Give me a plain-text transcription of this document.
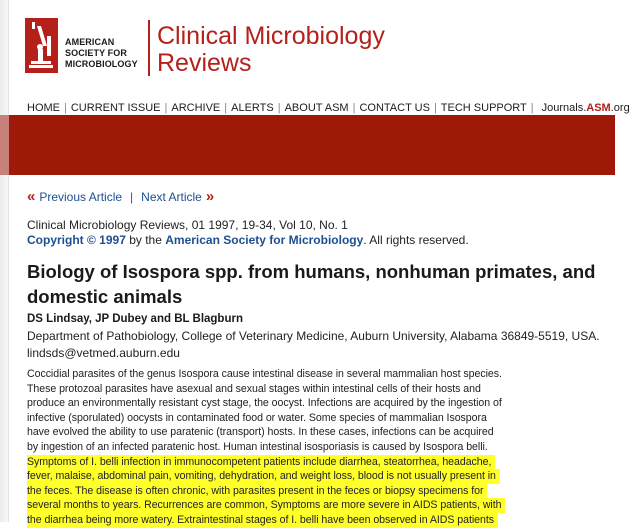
AMERICAN
SOCIETY FOR
MICROBIOLOGY
Clinical Microbiology
Reviews
HOME | CURRENT ISSUE | ARCHIVE | ALERTS | ABOUT ASM | CONTACT US | TECH SUPPORT | Journals.ASM.org
« Previous Article | Next Article »
Clinical Microbiology Reviews, 01 1997, 19-34, Vol 10, No. 1
Copyright © 1997 by the American Society for Microbiology. All rights reserved.
Biology of Isospora spp. from humans, nonhuman primates, and domestic animals
DS Lindsay, JP Dubey and BL Blagburn
Department of Pathobiology, College of Veterinary Medicine, Auburn University, Alabama 36849-5519, USA. lindsds@vetmed.auburn.edu
Coccidial parasites of the genus Isospora cause intestinal disease in several mammalian host species.
These protozoal parasites have asexual and sexual stages within intestinal cells of their hosts and
produce an environmentally resistant cyst stage, the oocyst. Infections are acquired by the ingestion of
infective (sporulated) oocysts in contaminated food or water. Some species of mammalian Isospora
have evolved the ability to use paratenic (transport) hosts. In these cases, infections can be acquired
by ingestion of an infected paratenic host. Human intestinal isosporiasis is caused by Isospora belli.
Symptoms of I. belli infection in immunocompetent patients include diarrhea, steatorrhea, headache,
fever, malaise, abdominal pain, vomiting, dehydration, and weight loss, blood is not usually present in
the feces. The disease is often chronic, with parasites present in the feces or biopsy specimens for
several months to years. Recurrences are common, Symptoms are more severe in AIDS patients, with
the diarrhea being more watery. Extraintestinal stages of I. belli have been observed in AIDS patients
